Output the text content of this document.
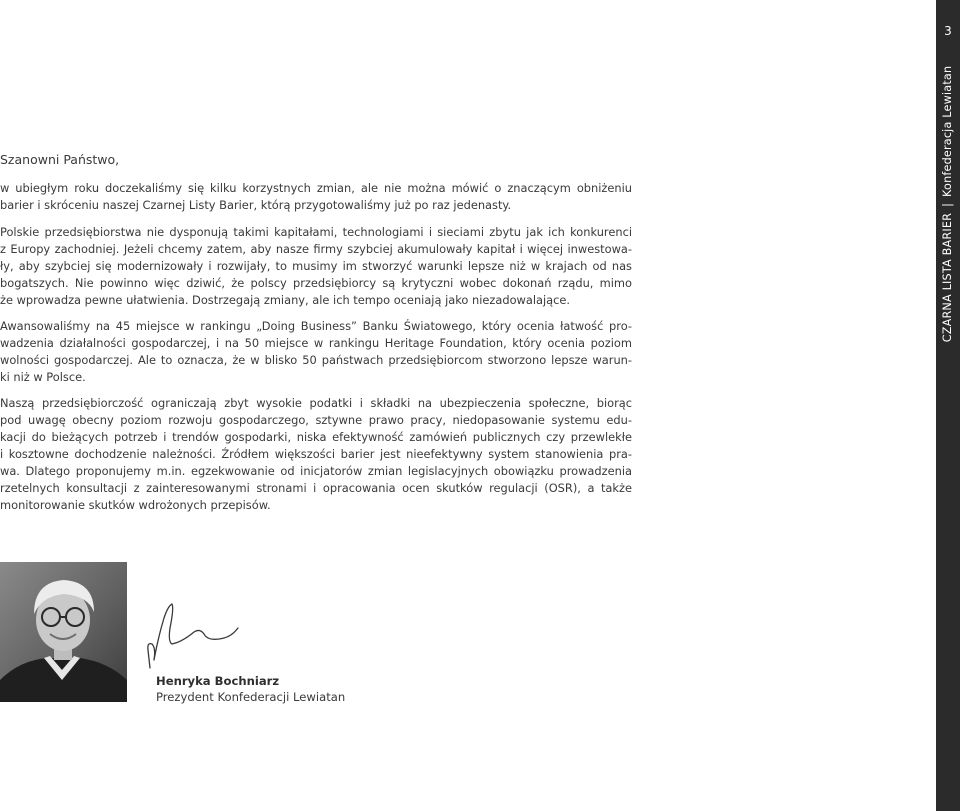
Szanowni Państwo,

w ubiegłym roku doczekaliśmy się kilku korzystnych zmian, ale nie można mówić o znaczącym obniżeniu
barier i skróceniu naszej Czarnej Listy Barier, którą przygotowaliśmy już po raz jedenasty.

Polskie przedsiębiorstwa nie dysponują takimi kapitałami, technologiami i sieciami zbytu jak ich konkurenci
z Europy zachodniej. Jeżeli chcemy zatem, aby nasze firmy szybciej akumulowały kapitał i więcej inwestowa-
ły, aby szybciej się modernizowały i rozwijały, to musimy im stworzyć warunki lepsze niż w krajach od nas
bogatszych. Nie powinno więc dziwić, że polscy przedsiębiorcy są krytyczni wobec dokonań rządu, mimo
że wprowadza pewne ułatwienia. Dostrzegają zmiany, ale ich tempo oceniają jako niezadowalające.

Awansowaliśmy na 45 miejsce w rankingu „Doing Business” Banku Światowego, który ocenia łatwość pro-
wadzenia działalności gospodarczej, i na 50 miejsce w rankingu Heritage Foundation, który ocenia poziom
wolności gospodarczej. Ale to oznacza, że w blisko 50 państwach przedsiębiorcom stworzono lepsze warun-
ki niż w Polsce.

Naszą przedsiębiorczość ograniczają zbyt wysokie podatki i składki na ubezpieczenia społeczne, biorąc
pod uwagę obecny poziom rozwoju gospodarczego, sztywne prawo pracy, niedopasowanie systemu edu-
kacji do bieżących potrzeb i trendów gospodarki, niska efektywność zamówień publicznych czy przewlekłe
i kosztowne dochodzenie należności. Źródłem większości barier jest nieefektywny system stanowienia pra-
wa. Dlatego proponujemy m.in. egzekwowanie od inicjatorów zmian legislacyjnych obowiązku prowadzenia
rzetelnych konsultacji z zainteresowanymi stronami i opracowania ocen skutków regulacji (OSR), a także
monitorowanie skutków wdrożonych przepisów.

Henryka Bochniarz
Prezydent Konfederacji Lewiatan
3
CZARNA LISTA BARIER|Konfederacja Lewiatan
